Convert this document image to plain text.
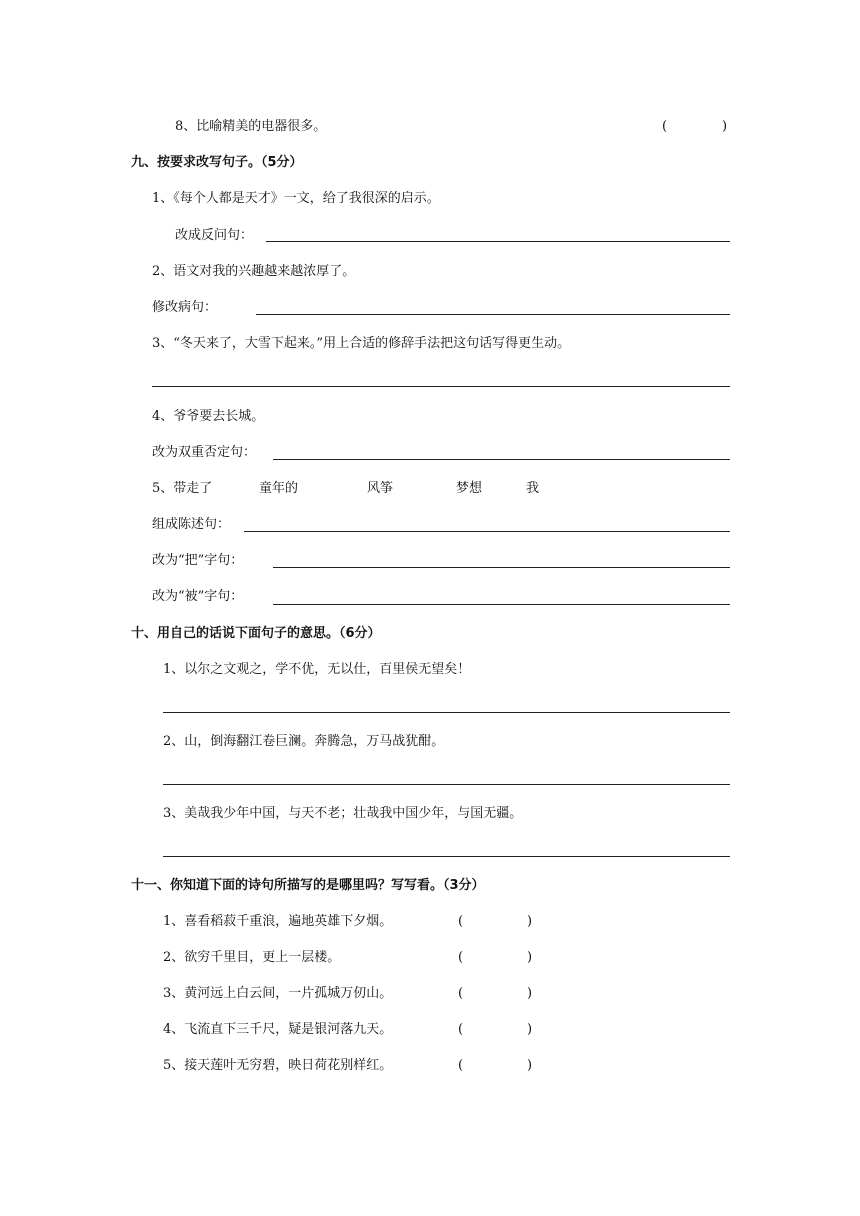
8、比喻精美的电器很多。	(	)
九、按要求改写句子。（5分）
1、《每个人都是天才》一文，给了我很深的启示。
改成反问句：
2、语文对我的兴趣越来越浓厚了。
修改病句：
3、“冬天来了，大雪下起来。”用上合适的修辞手法把这句话写得更生动。
4、爷爷要去长城。
改为双重否定句：
5、带走了	童年的	风筝	梦想	我
组成陈述句：
改为“把”字句：
改为“被”字句：
十、用自己的话说下面句子的意思。（6分）
1、以尔之文观之，学不优，无以仕，百里侯无望矣！
2、山，倒海翻江卷巨澜。奔腾急，万马战犹酣。
3、美哉我少年中国，与天不老；壮哉我中国少年，与国无疆。
十一、你知道下面的诗句所描写的是哪里吗？写写看。（3分）
1、喜看稻菽千重浪，遍地英雄下夕烟。	(	)
2、欲穷千里目，更上一层楼。	(	)
3、黄河远上白云间，一片孤城万仞山。	(	)
4、飞流直下三千尺，疑是银河落九天。	(	)
5、接天莲叶无穷碧，映日荷花别样红。	(	)
